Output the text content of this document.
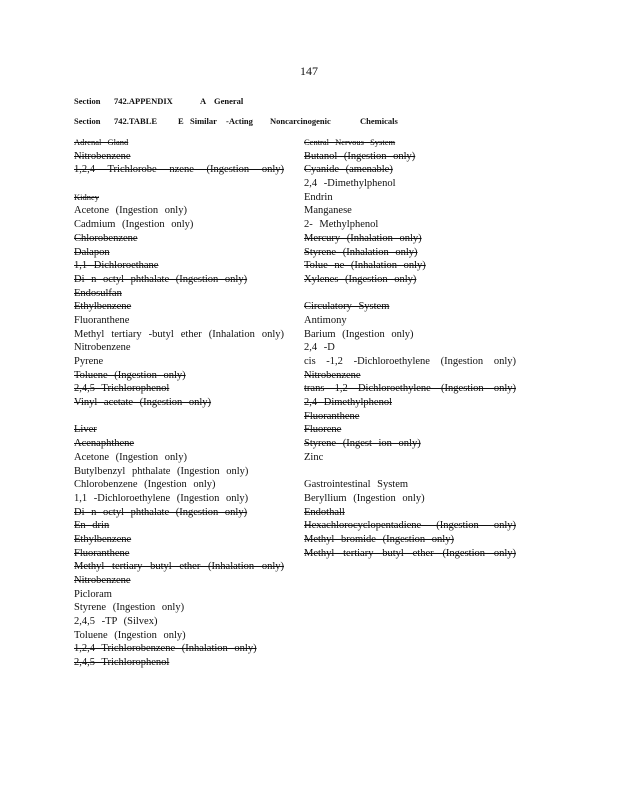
147
Section 742.APPENDIX	A General
Section 742.TABLE E Similar -Acting Noncarcinogenic	Chemicals
Adrenal Gland
Nitrobenzene
1,2,4 Trichlorobe nzene (Ingestion only)
Kidney
Acetone (Ingestion only)
Cadmium (Ingestion only)
Chlorobenzene
Dalapon
1,1 Dichloroethane
Di n octyl phthalate (Ingestion only)
Endosulfan
Ethylbenzene
Fluoranthene
Methyl tertiary -butyl ether (Inhalation only)
Nitrobenzene
Pyrene
Toluene (Ingestion only)
2,4,5 Trichlorophenol
Vinyl acetate (Ingestion only)
Liver
Acenaphthene
Acetone (Ingestion only)
Butylbenzyl phthalate (Ingestion only)
Chlorobenzene (Ingestion only)
1,1 -Dichloroethylene (Ingestion only)
Di n octyl phthalate (Ingestion only)
En drin
Ethylbenzene
Fluoranthene
Methyl tertiary butyl ether (Inhalation only)
Nitrobenzene
Picloram
Styrene (Ingestion only)
2,4,5 -TP (Silvex)
Toluene (Ingestion only)
1,2,4 Trichlorobenzene (Inhalation only)
2,4,5 Trichlorophenol
Central Nervous System
Butanol (Ingestion only)
Cyanide (amenable)
2,4 -Dimethylphenol
Endrin
Manganese
2- Methylphenol
Mercury (Inhalation only)
Styrene (Inhalation only)
Tolue ne (Inhalation only)
Xylenes (Ingestion only)
Circulatory System
Antimony
Barium (Ingestion only)
2,4 -D
cis -1,2 -Dichloroethylene (Ingestion only)
Nitrobenzene
trans 1,2 Dichloroethylene (Ingestion only)
2,4 Dimethylphenol
Fluoranthene
Fluorene
Styrene (Ingest ion only)
Zinc
Gastrointestinal System
Beryllium (Ingestion only)
Endothall
Hexachlorocyclopentadiene (Ingestion only)
Methyl bromide (Ingestion only)
Methyl tertiary butyl ether (Ingestion only)
